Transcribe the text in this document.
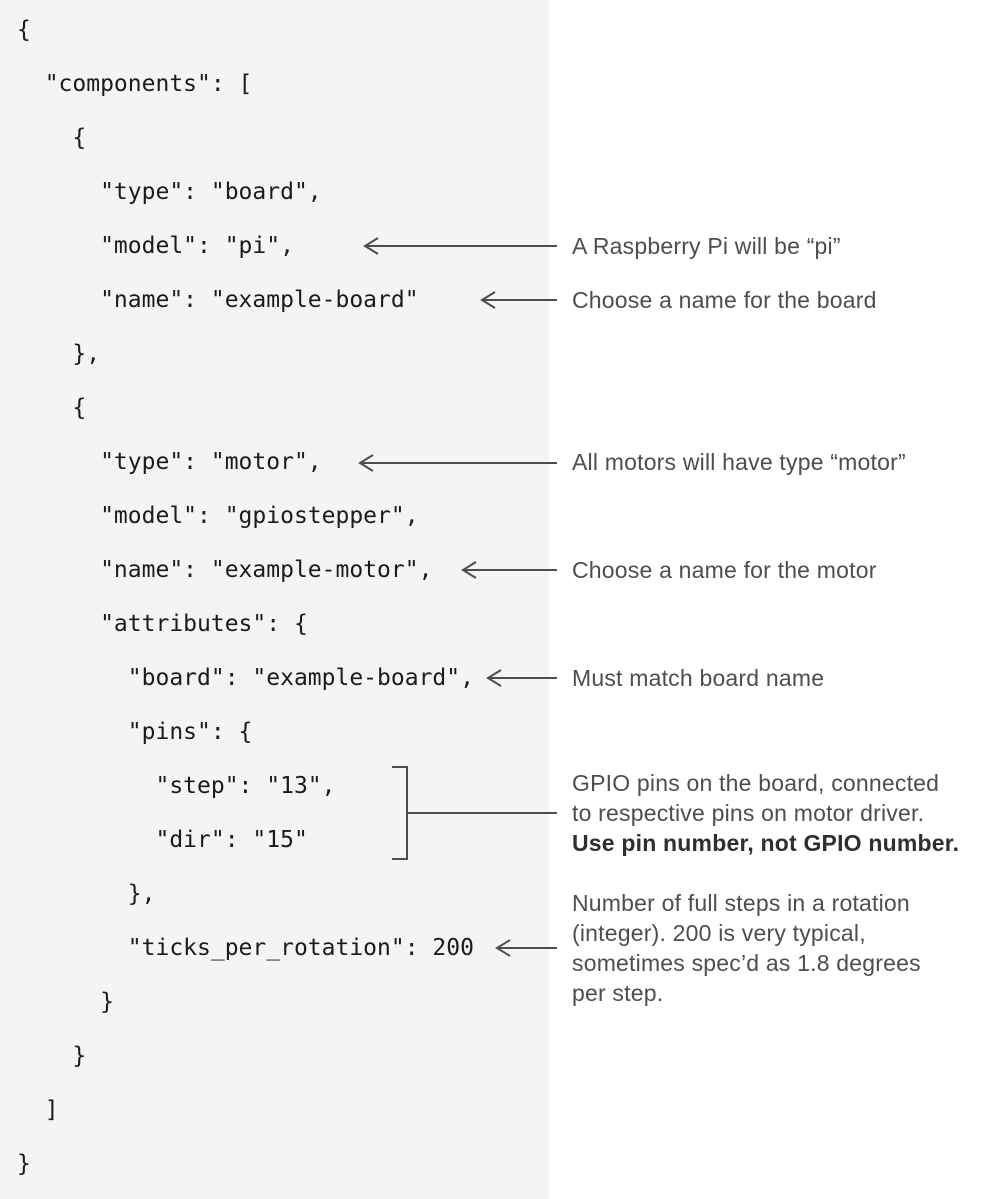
{
"components": [
{
"type": "board",
"model": "pi",
"name": "example-board"
},
{
"type": "motor",
"model": "gpiostepper",
"name": "example-motor",
"attributes": {
"board": "example-board",
"pins": {
"step": "13",
"dir": "15"
},
"ticks_per_rotation": 200
}
}
]
}
A Raspberry Pi will be “pi”
Choose a name for the board
All motors will have type “motor”
Choose a name for the motor
Must match board name
GPIO pins on the board, connected
to respective pins on motor driver.
Use pin number, not GPIO number.
Number of full steps in a rotation
(integer). 200 is very typical,
sometimes spec’d as 1.8 degrees
per step.
